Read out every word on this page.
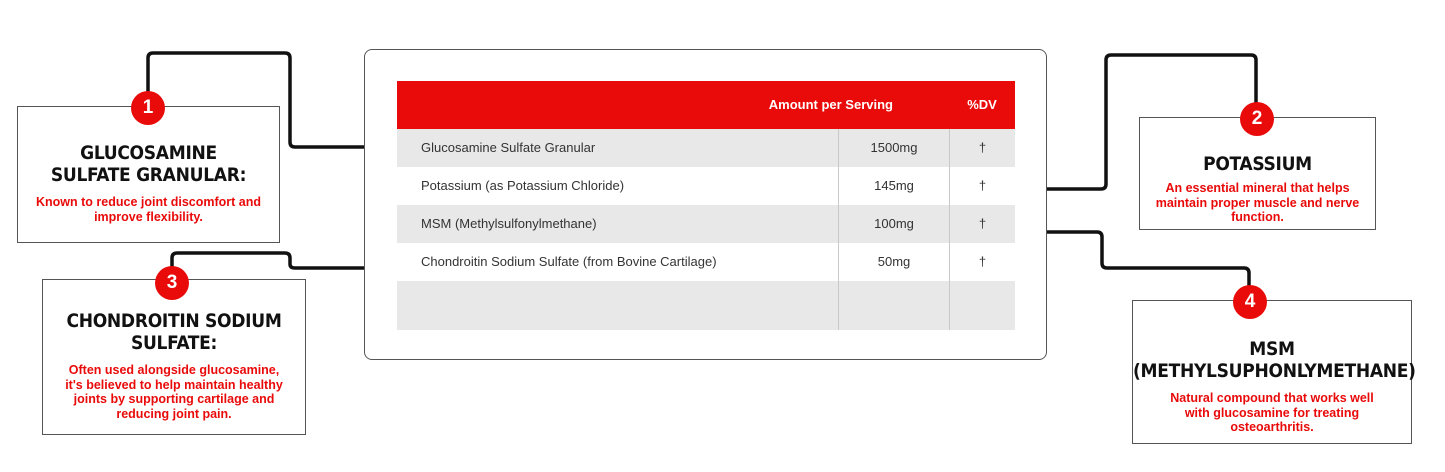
Amount per Serving	%DV
Glucosamine Sulfate Granular	1500mg	†
Potassium (as Potassium Chloride)	145mg	†
MSM (Methylsulfonylmethane)	100mg	†
Chondroitin Sodium Sulfate (from Bovine Cartilage)	50mg	†
GLUCOSAMINE
SULFATE GRANULAR:
Known to reduce joint discomfort and
improve flexibility.
1
POTASSIUM
An essential mineral that helps
maintain proper muscle and nerve
function.
2
CHONDROITIN SODIUM
SULFATE:
Often used alongside glucosamine,
it's believed to help maintain healthy
joints by supporting cartilage and
reducing joint pain.
3
MSM
(METHYLSUPHONLYMETHANE)
Natural compound that works well
with glucosamine for treating
osteoarthritis.
4
